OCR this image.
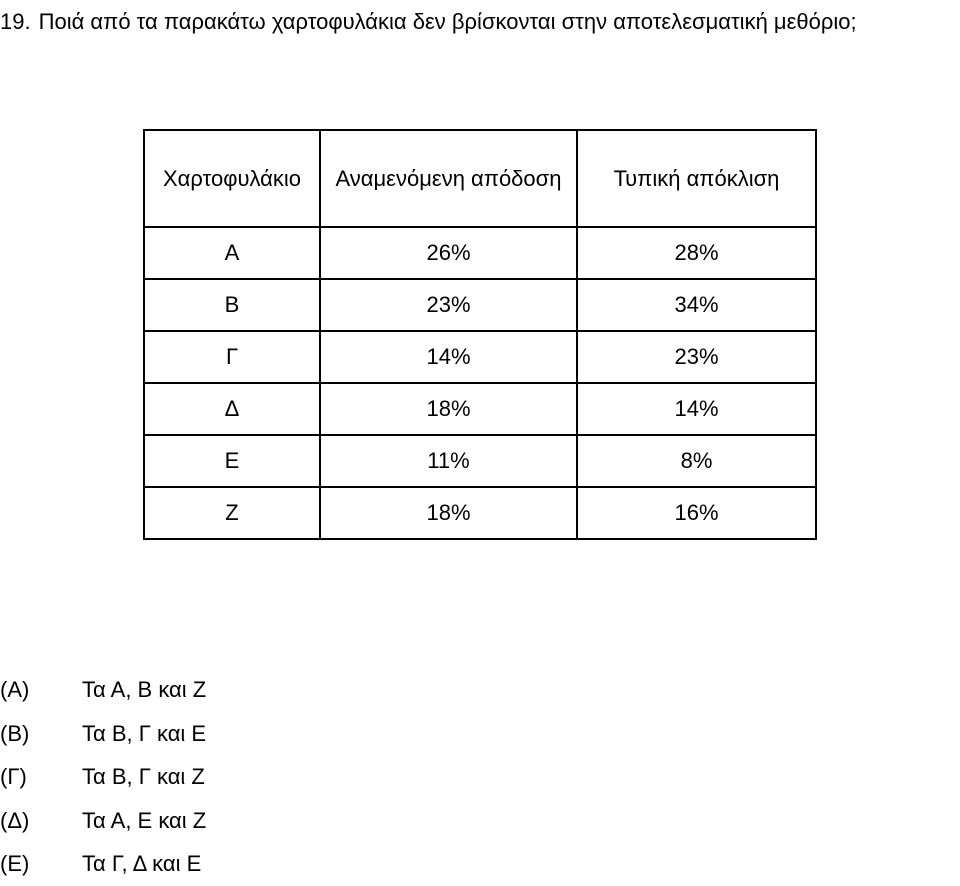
19. Ποιά από τα παρακάτω χαρτοφυλάκια δεν βρίσκονται στην αποτελεσματική μεθόριο;

Χαρτοφυλάκιο	Αναμενόμενη απόδοση	Τυπική απόκλιση
Α	26%	28%
Β	23%	34%
Γ	14%	23%
Δ	18%	14%
Ε	11%	8%
Ζ	18%	16%
(Α)	Τα Α, Β και Ζ
(Β)	Τα Β, Γ και Ε
(Γ)	Τα Β, Γ και Ζ
(Δ)	Τα Α, Ε και Ζ
(Ε)	Τα Γ, Δ και Ε
